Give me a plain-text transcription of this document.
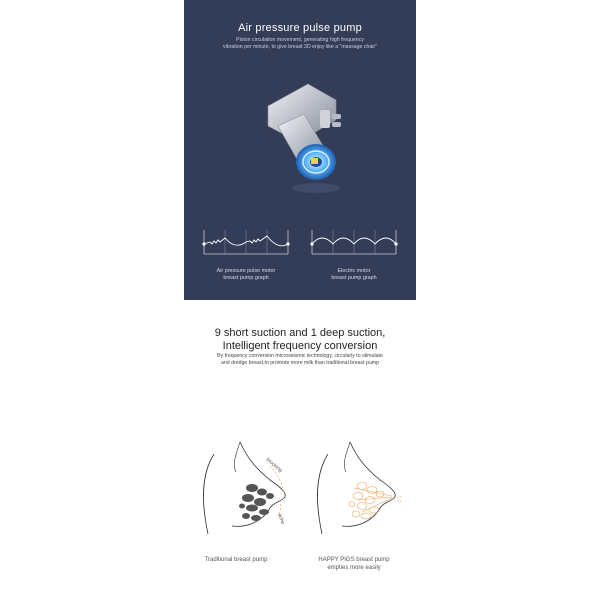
Air pressure pulse pump
Piston circulation movement, generating high frequency
vibration per minute, to give breast 3D enjoy like a "massage chair"
Air pressure pulse motor
breast pump graph
Electric motor
breast pump graph
9 short suction and 1 deep suction,
Intelligent frequency conversion
By frequency conversion microseismic technology, circularly to stimulate
and dredge breast,to promote more milk than traditional breast pump
blocking
ache
Traditional breast pump	HAPPY PIGS breast pump
empties more easily
